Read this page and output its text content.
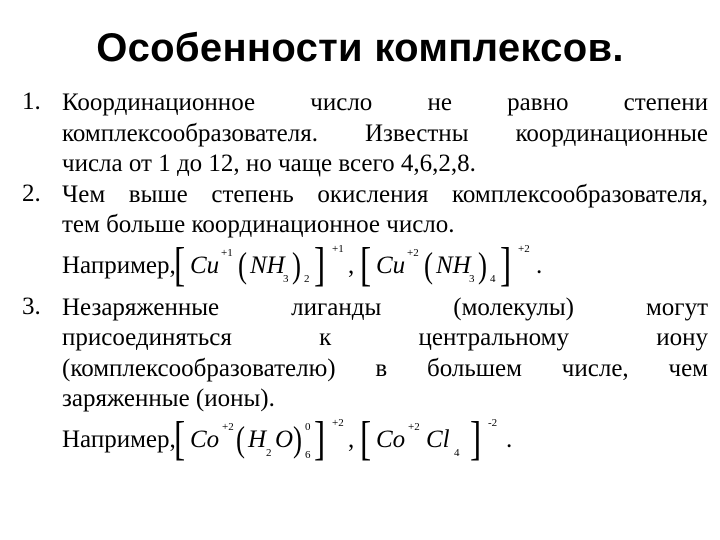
Особенности комплексов.
1. Координационное число не равно степени
комплексообразователя. Известны координационные
числа от 1 до 12, но чаще всего 4,6,2,8.
2. Чем выше степень окисления комплексообразователя,
тем больше координационное число.
Например,
[ Cu +1 ( NH
3 ) 2 ] +1
, [ Cu +2 ( NH
3 ) 4 ] +2
.
3. Незаряженные лиганды (молекулы) могут
присоединяться к центральному иону
(комплексообразователю) в большем числе, чем
заряженные (ионы).
Например,
[ Co +2 ( H 2 O ) 0
6 ] +2
, [ Co +2 Cl 4 ] -2
.
